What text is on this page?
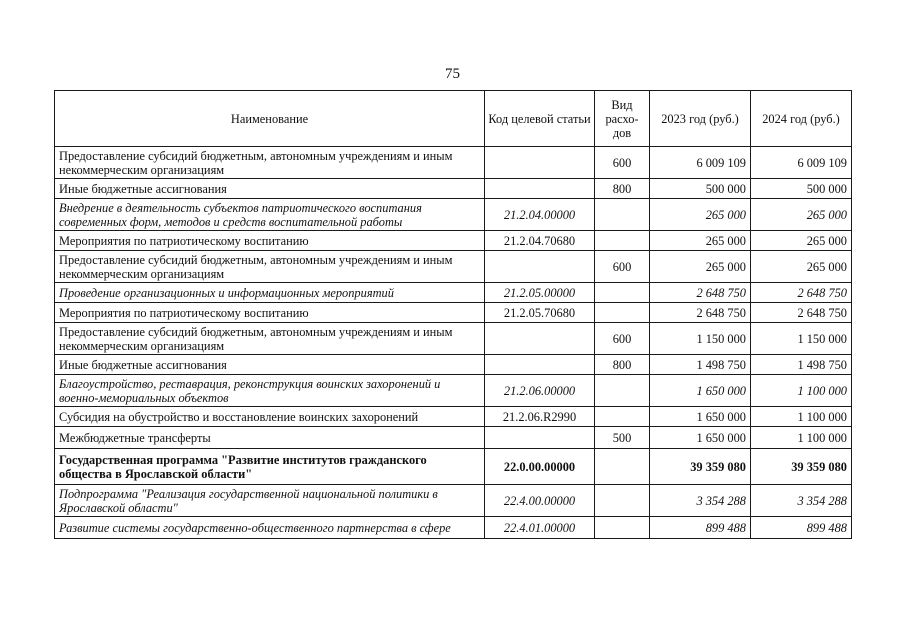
75
Наименование	Код целевой статьи	Вид расхо-дов	2023 год (руб.)	2024 год (руб.)
Предоставление субсидий бюджетным, автономным учреждениям и иным некоммерческим организациям		600	6 009 109	6 009 109
Иные бюджетные ассигнования		800	500 000	500 000
Внедрение в деятельность субъектов патриотического воспитания современных форм, методов и средств воспитательной работы	21.2.04.00000		265 000	265 000
Мероприятия по патриотическому воспитанию	21.2.04.70680		265 000	265 000
Предоставление субсидий бюджетным, автономным учреждениям и иным некоммерческим организациям		600	265 000	265 000
Проведение организационных и информационных мероприятий	21.2.05.00000		2 648 750	2 648 750
Мероприятия по патриотическому воспитанию	21.2.05.70680		2 648 750	2 648 750
Предоставление субсидий бюджетным, автономным учреждениям и иным некоммерческим организациям		600	1 150 000	1 150 000
Иные бюджетные ассигнования		800	1 498 750	1 498 750
Благоустройство, реставрация, реконструкция воинских захоронений и военно-мемориальных объектов	21.2.06.00000		1 650 000	1 100 000
Субсидия на обустройство и восстановление воинских захоронений	21.2.06.R2990		1 650 000	1 100 000
Межбюджетные трансферты		500	1 650 000	1 100 000
Государственная программа "Развитие институтов гражданского общества в Ярославской области"	22.0.00.00000		39 359 080	39 359 080
Подпрограмма "Реализация государственной национальной политики в Ярославской области"	22.4.00.00000		3 354 288	3 354 288
Развитие системы государственно-общественного партнерства в сфере	22.4.01.00000		899 488	899 488
